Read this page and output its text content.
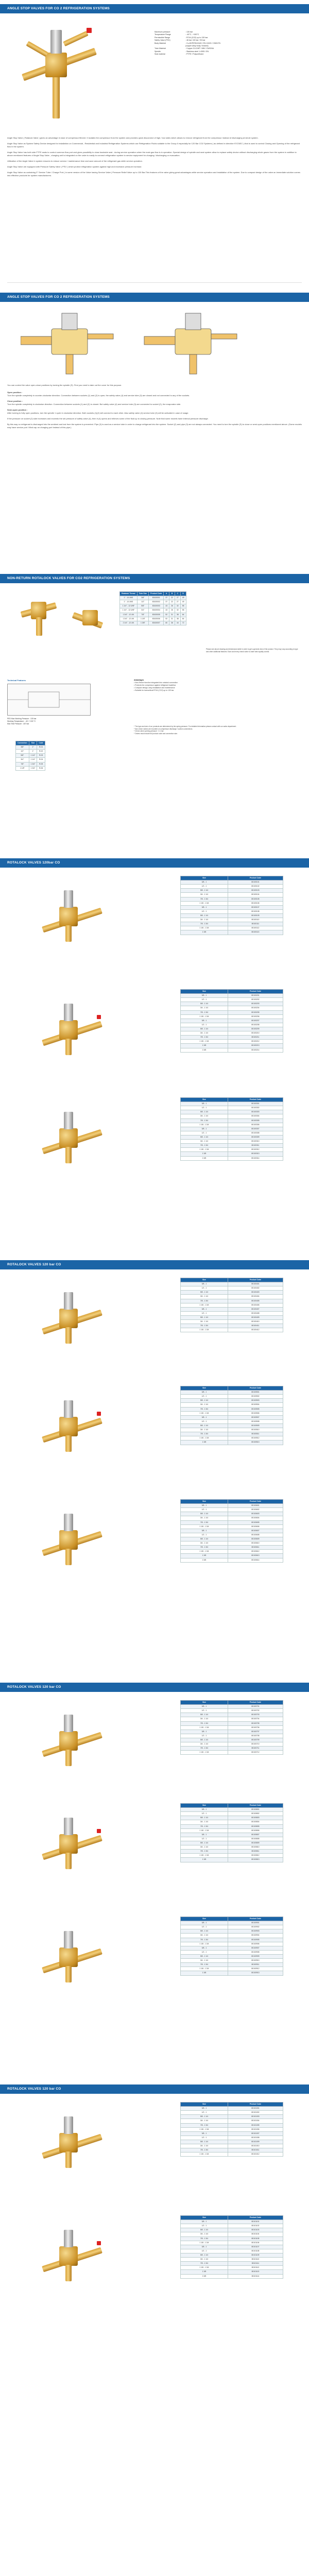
ANGLE STOP VALVES FOR CO 2 REFRIGERATION SYSTEMS
Maximum pressure	: 130 bar
Temperature Range	: -40°C...+150°C
Permissible Range	: R744 (CO2) up to 130 bar
Safety Value (PSV)	: 46 bar / 60 bar / 90 bar
Body Material	: Cu-DHP/EN12449 / EN 12420 / CW617N
(copper alloy body / brazed)
Tube Material	: Copper CU-DHP / MM / CW024A
Spindle	: Stainless steel 1.4305 / EN
Seal material	: PTFE / Polyurethane

Angle Stop Valve ( Rotalock Valve ) gives an advantage in ease of compressor fitment. It isolates the compressor from the system and provides quick disconnect of high / low sides which allows to remove refrigerant from the compressor instead of discharging at whole system.

Angle Stop Valve as System Safety Device designed for installation on Commercial , Residential and Industrial Refrigeration Systems which use Refrigeration Fluids suitable to the Group II especially for 120 Bar CO2 Systems ( as defined in directive 97/23/EC ) that is used to control Closing and Opening of the refrigerant flow in the system.

Angle Stop Valve has both side PTFE seals to control common flow port and gives possibility to close backside seat - during service operation when the main gas flow is in operation. Special design of spindle and seat system allow to replace safety device without discharging whole gases from the system in addition to above mentioned features of Angle Stop Valve , charging unit is integrated on the valve to easily to connect refrigeration system to service equipment for charging / discharging or evacuation.

Utilization of the Angle Valve in system ensures to reduce service / maintenance time and save amount of the refrigerant gas while service operation.

Angle Stop Valve are equipped with Pressure Safety Valve ( PSV ) which protect refrigeration system against high and excessive pressure increase.

Angle Stop Valve as containing 3" Service Tube / Charge Port ( in some version of the Valve having Service Valve ) Pressure Relief Valve up to 130 Bar.This features of the valve giving great advantages while service operation and installation of the system. Due to compact design of the valve an immediate solution comes into effective products for system manufacturers.

ANGLE STOP VALVES FOR CO 2 REFRIGERATION SYSTEMS

You can control the valve open-close positions by turning the spindle (S). First you need to take out the cover for this purpose.

Open position :
Turn the spindle completely in counter-clockwise direction. Connection between sockets (1) and (2) is open; the safety valve (4) and service tube (3) are closed and not connected to any of the sockets.

Close position :
Turn the spindle completely in clockwise direction. Connection between sockets (1) and (2) is closed. But safety valve (4) and service tube (3) are connected to socket (2), the evaporator side.

Semi-open position :
After turning to fully open positions, turn the spindle 1 cycle in clockwise direction. Both sockets (1)(2) will connect to each other. Also safety valve (4) service tube (3) will be activated in case of usage.

If the pressure on socket (2) side increases and exceeds the set pressure of safety valve (4), then it (4) opens and relieves some of the fluid up to closing pressure. Note that some models have internal pressure discharge.

By this way no refrigerant is discharged into the ambient and lost from the system is prevented. Pipe (3) is used as a service tube in order to charge refrigerant into the system. Socket (2) and pipe (3) are not always connected. You need to turn the spindle (S) to close or semi-open positions mentioned above. (Some models may have service port. Mind cap on charging port instead of this pipe.)

NON-RETURN ROTALOCK VALVES FOR CO2 REFRIGERATION SYSTEMS
Rotalock Thread	Tube Size	Product Code	A	B	C	D
1" - 14 UNS	3/8"	80100001	37	22	27	49
1" - 14 UNS	1/2"	80100002	37	22	27	49
1 1/4" - 12 UNF	5/8"	80100003	43	26	32	55
1 1/4" - 12 UNF	3/4"	80100004	43	26	32	55
1 3/4" - 12 UN	7/8"	80100005	52	31	38	64
1 3/4" - 12 UN	1 1/8"	80100006	52	31	38	64
2 1/4" - 12 UN	1 3/8"	80100007	60	36	44	72
Please see above drawing and dimensions table in order to get a general view of the product. They may vary according to type and other additional features. Each and every check valve is under strict quality control.
Technical Features
PED Max Working Pressure : 130 bar
Working Temperature : -40 / +150 °C
Max Test Pressure : 187 bar
Connection	Size	Code
3/8"	1"	R-01
1/2"	1"	R-02
5/8"	1 1/4"	R-03
3/4"	1 1/4"	R-04
7/8"	1 3/4"	R-05
1 1/8"	1 3/4"	R-06
Advantages
• Non-Return function integrated into rotalock connection
• Protects the compressor against refrigerant backflow
• Compact design, easy installation and maintenance
• Suitable for transcritical R744 (CO2) up to 130 bar
* The type and size of our products are determined by the spring pressure. For detailed information please contact with our sales department.
* Non-return valves are mounted on compressor discharge / suction connections.
* Check valve opening pressure : 0.1 bar
* Orders must include full product code and connection size.
ROTALOCK VALVES 120bar CO
Size	Product Code
3/8 - 1	80100101
1/2 - 1	80100102
5/8 - 1 1/4	80100103
3/4 - 1 1/4	80100104
7/8 - 1 3/4	80100105
1 1/8 - 1 3/4	80100106
3/8 - 1	80100107
1/2 - 1	80100108
5/8 - 1 1/4	80100109
3/4 - 1 1/4	80100110
7/8 - 1 3/4	80100111
1 1/8 - 1 3/4	80100112
1 3/8	80100113
Size	Product Code
3/8 - 1	80100201
1/2 - 1	80100202
5/8 - 1 1/4	80100203
3/4 - 1 1/4	80100204
7/8 - 1 3/4	80100205
1 1/8 - 1 3/4	80100206
3/8 - 1	80100207
1/2 - 1	80100208
5/8 - 1 1/4	80100209
3/4 - 1 1/4	80100210
7/8 - 1 3/4	80100211
1 1/8 - 1 3/4	80100212
1 3/8	80100213
1 5/8	80100214
Size	Product Code
3/8 - 1	80100301
1/2 - 1	80100302
5/8 - 1 1/4	80100303
3/4 - 1 1/4	80100304
7/8 - 1 3/4	80100305
1 1/8 - 1 3/4	80100306
3/8 - 1	80100307
1/2 - 1	80100308
5/8 - 1 1/4	80100309
3/4 - 1 1/4	80100310
7/8 - 1 3/4	80100311
1 1/8 - 1 3/4	80100312
1 3/8	80100313
1 5/8	80100314
ROTALOCK VALVES 120 bar CO
Size	Product Code
3/8 - 1	80100401
1/2 - 1	80100402
5/8 - 1 1/4	80100403
3/4 - 1 1/4	80100404
7/8 - 1 3/4	80100405
1 1/8 - 1 3/4	80100406
3/8 - 1	80100407
1/2 - 1	80100408
5/8 - 1 1/4	80100409
3/4 - 1 1/4	80100410
7/8 - 1 3/4	80100411
1 1/8 - 1 3/4	80100412
Size	Product Code
3/8 - 1	80100501
1/2 - 1	80100502
5/8 - 1 1/4	80100503
3/4 - 1 1/4	80100504
7/8 - 1 3/4	80100505
1 1/8 - 1 3/4	80100506
3/8 - 1	80100507
1/2 - 1	80100508
5/8 - 1 1/4	80100509
3/4 - 1 1/4	80100510
7/8 - 1 3/4	80100511
1 1/8 - 1 3/4	80100512
1 3/8	80100513
Size	Product Code
3/8 - 1	80100601
1/2 - 1	80100602
5/8 - 1 1/4	80100603
3/4 - 1 1/4	80100604
7/8 - 1 3/4	80100605
1 1/8 - 1 3/4	80100606
3/8 - 1	80100607
1/2 - 1	80100608
5/8 - 1 1/4	80100609
3/4 - 1 1/4	80100610
7/8 - 1 3/4	80100611
1 1/8 - 1 3/4	80100612
1 3/8	80100613
1 5/8	80100614
ROTALOCK VALVES 120 bar CO
Size	Product Code
3/8 - 1	80100701
1/2 - 1	80100702
5/8 - 1 1/4	80100703
3/4 - 1 1/4	80100704
7/8 - 1 3/4	80100705
1 1/8 - 1 3/4	80100706
3/8 - 1	80100707
1/2 - 1	80100708
5/8 - 1 1/4	80100709
3/4 - 1 1/4	80100710
7/8 - 1 3/4	80100711
1 1/8 - 1 3/4	80100712
Size	Product Code
3/8 - 1	80100801
1/2 - 1	80100802
5/8 - 1 1/4	80100803
3/4 - 1 1/4	80100804
7/8 - 1 3/4	80100805
1 1/8 - 1 3/4	80100806
3/8 - 1	80100807
1/2 - 1	80100808
5/8 - 1 1/4	80100809
3/4 - 1 1/4	80100810
7/8 - 1 3/4	80100811
1 1/8 - 1 3/4	80100812
1 3/8	80100813
Size	Product Code
3/8 - 1	80100901
1/2 - 1	80100902
5/8 - 1 1/4	80100903
3/4 - 1 1/4	80100904
7/8 - 1 3/4	80100905
1 1/8 - 1 3/4	80100906
3/8 - 1	80100907
1/2 - 1	80100908
5/8 - 1 1/4	80100909
3/4 - 1 1/4	80100910
7/8 - 1 3/4	80100911
1 1/8 - 1 3/4	80100912
1 3/8	80100913
ROTALOCK VALVES 120 bar CO
Size	Product Code
3/8 - 1	80101001
1/2 - 1	80101002
5/8 - 1 1/4	80101003
3/4 - 1 1/4	80101004
7/8 - 1 3/4	80101005
1 1/8 - 1 3/4	80101006
3/8 - 1	80101007
1/2 - 1	80101008
5/8 - 1 1/4	80101009
3/4 - 1 1/4	80101010
7/8 - 1 3/4	80101011
1 1/8 - 1 3/4	80101012
Size	Product Code
3/8 - 1	80101101
1/2 - 1	80101102
5/8 - 1 1/4	80101103
3/4 - 1 1/4	80101104
7/8 - 1 3/4	80101105
1 1/8 - 1 3/4	80101106
3/8 - 1	80101107
1/2 - 1	80101108
5/8 - 1 1/4	80101109
3/4 - 1 1/4	80101110
7/8 - 1 3/4	80101111
1 1/8 - 1 3/4	80101112
1 3/8	80101113
1 5/8	80101114
